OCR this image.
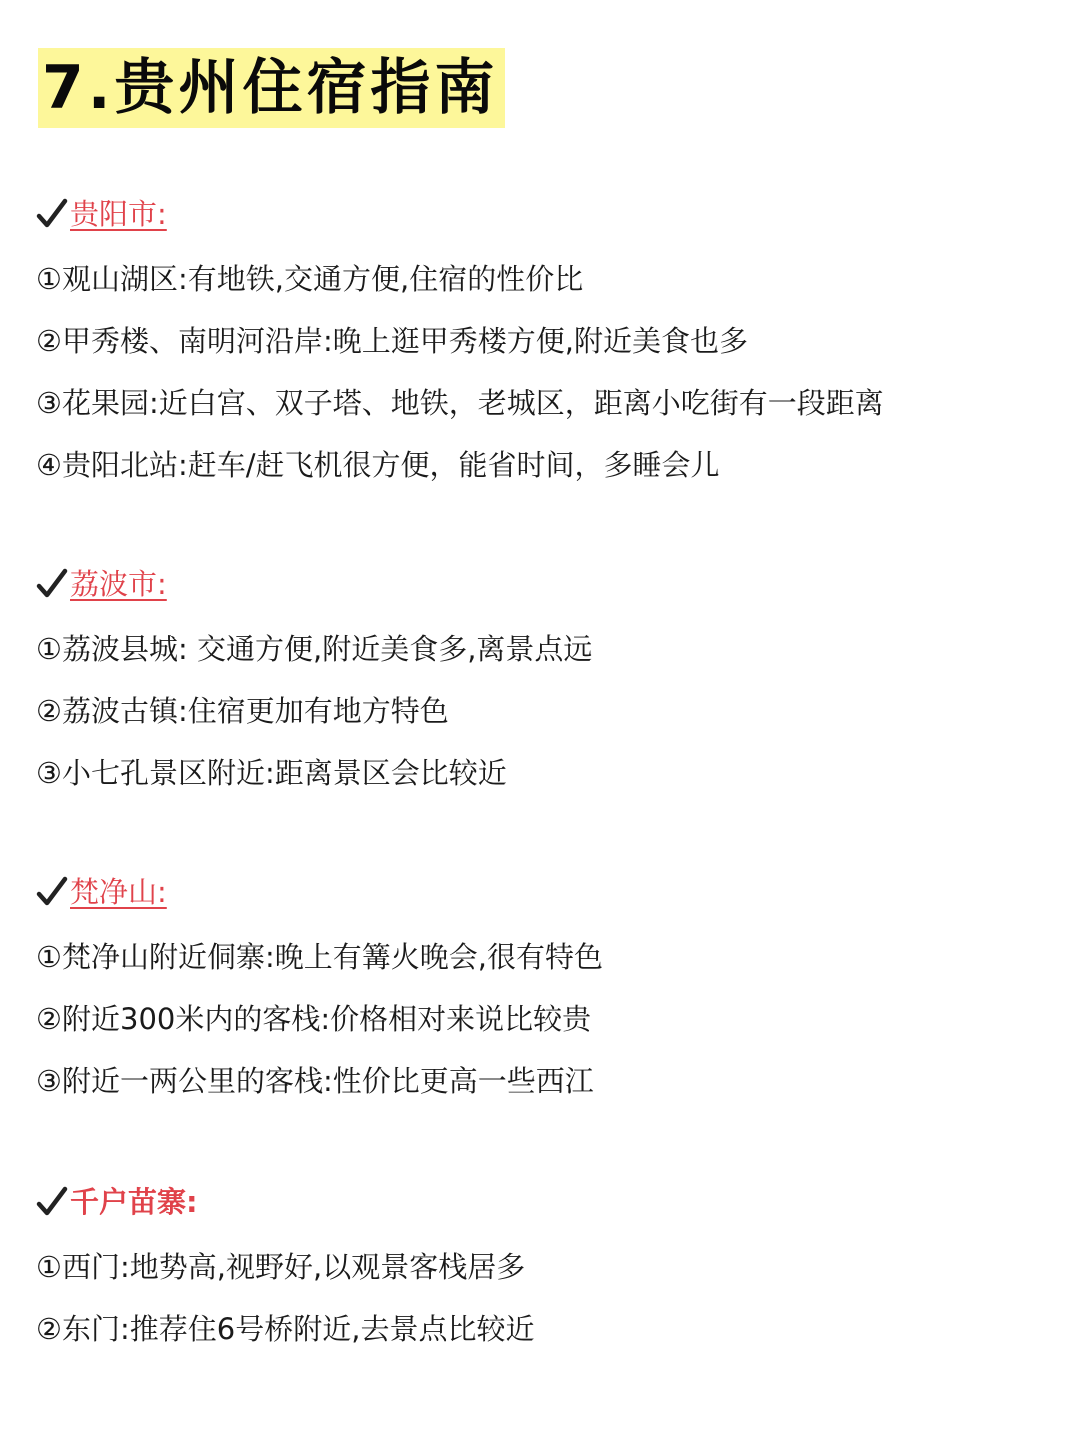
7.贵州住宿指南
贵阳市:
①观山湖区:有地铁,交通方便,住宿的性价比
②甲秀楼、南明河沿岸:晚上逛甲秀楼方便,附近美食也多
③花果园:近白宫、双子塔、地铁，老城区，距离小吃街有一段距离
④贵阳北站:赶车/赶飞机很方便，能省时间，多睡会儿
荔波市:
①荔波县城: 交通方便,附近美食多,离景点远
②荔波古镇:住宿更加有地方特色
③小七孔景区附近:距离景区会比较近
梵净山:
①梵净山附近侗寨:晚上有篝火晚会,很有特色
②附近300米内的客栈:价格相对来说比较贵
③附近一两公里的客栈:性价比更高一些西江
千户苗寨:
①西门:地势高,视野好,以观景客栈居多
②东门:推荐住6号桥附近,去景点比较近
